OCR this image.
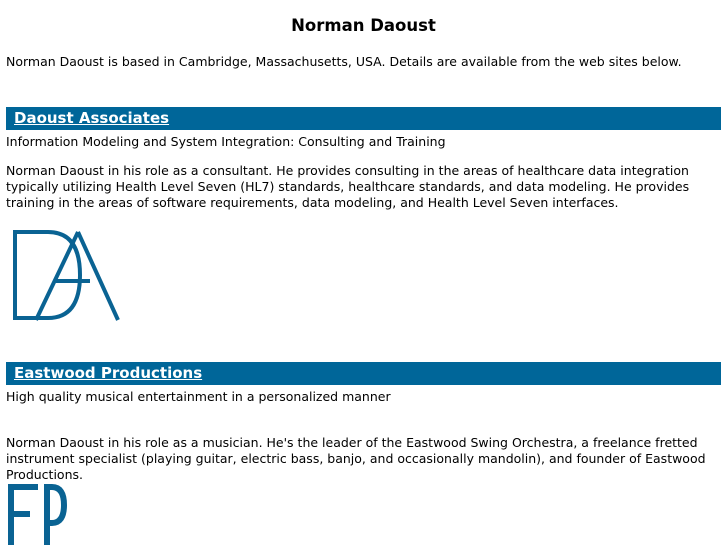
Norman Daoust

Norman Daoust is based in Cambridge, Massachusetts, USA. Details are available from the web sites below.

Daoust Associates

Information Modeling and System Integration: Consulting and Training

Norman Daoust in his role as a consultant. He provides consulting in the areas of healthcare data integration typically utilizing Health Level Seven (HL7) standards, healthcare standards, and data modeling. He provides training in the areas of software requirements, data modeling, and Health Level Seven interfaces.

Eastwood Productions

High quality musical entertainment in a personalized manner

Norman Daoust in his role as a musician. He's the leader of the Eastwood Swing Orchestra, a freelance fretted instrument specialist (playing guitar, electric bass, banjo, and occasionally mandolin), and founder of Eastwood Productions.
